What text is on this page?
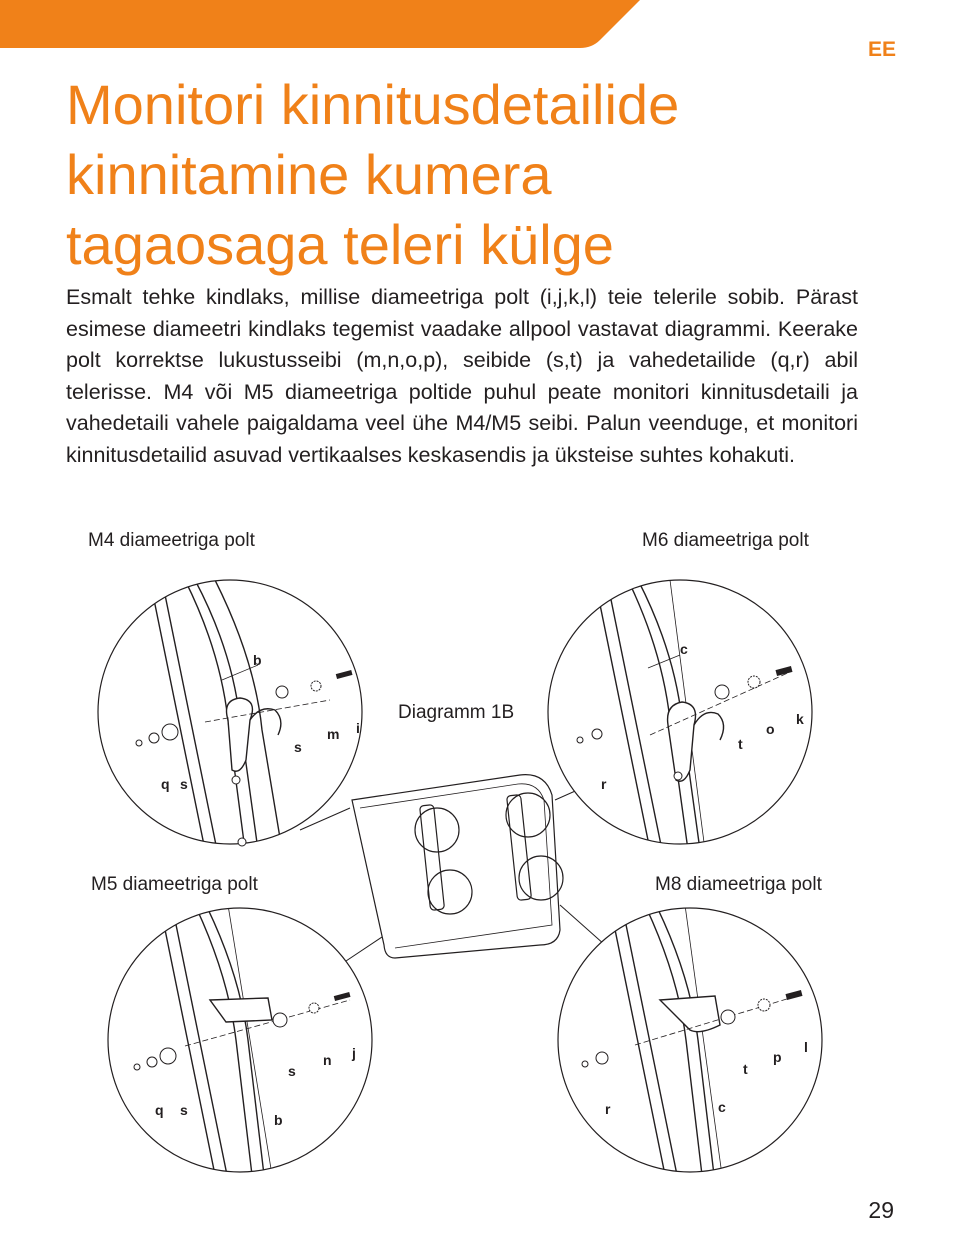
EE
Monitori kinnitusdetailide
kinnitamine kumera
tagaosaga teleri külge

Esmalt tehke kindlaks, millise diameetriga polt (i,j,k,l) teie telerile sobib. Pärast esimese diameetri kindlaks tegemist vaadake allpool vastavat diagrammi. Keerake polt korrektse lukustusseibi (m,n,o,p), seibide (s,t) ja vahedetailide (q,r) abil telerisse. M4 või M5 diameetriga poltide puhul peate monitori kinnitusdetaili ja vahedetaili vahele paigaldama veel ühe M4/M5 seibi. Palun veenduge, et monitori kinnitusdetailid asuvad vertikaalses keskasendis ja üksteise suhtes kohakuti.

M4 diameetriga polt	M6 diameetriga polt
Diagramm 1B
M5 diameetriga polt	M8 diameetriga polt
b
m i
s
q s
c
o
k
t
r
n j
s
q s
b
p
l
t
r	c
29
